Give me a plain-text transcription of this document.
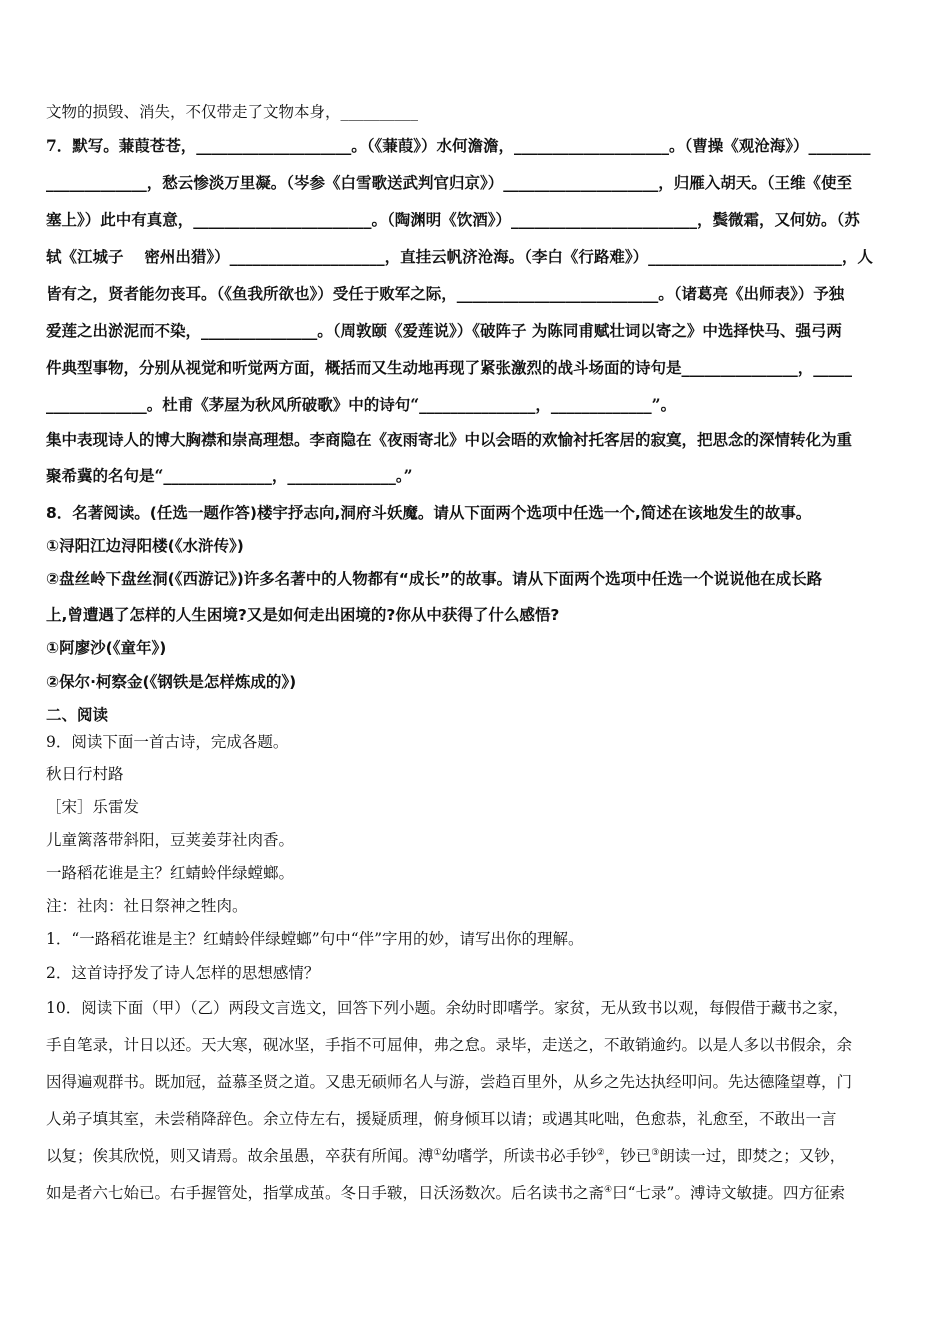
文物的损毁、消失，不仅带走了文物本身，__________
7．默写。蒹葭苍苍，____________________。（《蒹葭》）水何澹澹，____________________。（曹操《观沧海》）________
_____________，愁云惨淡万里凝。（岑参《白雪歌送武判官归京》）____________________，归雁入胡天。（王维《使至
塞上》）此中有真意，_______________________。（陶渊明《饮酒》）________________________，鬓微霜，又何妨。（苏
轼《江城子　 密州出猎》）____________________，直挂云帆济沧海。（李白《行路难》）_________________________，人
皆有之，贤者能勿丧耳。（《鱼我所欲也》）受任于败军之际，__________________________。（诸葛亮《出师表》）予独
爱莲之出淤泥而不染，_______________。（周敦颐《爱莲说》）《破阵子 为陈同甫赋壮词以寄之》中选择快马、强弓两
件典型事物，分别从视觉和听觉两方面，概括而又生动地再现了紧张激烈的战斗场面的诗句是_______________，_____
_____________。杜甫《茅屋为秋风所破歌》中的诗句“_______________，_____________”。
集中表现诗人的博大胸襟和崇高理想。李商隐在《夜雨寄北》中以会晤的欢愉衬托客居的寂寞，把思念的深情转化为重
聚希冀的名句是“______________，______________。”
8．名著阅读。(任选一题作答)楼宇抒志向,洞府斗妖魔。请从下面两个选项中任选一个,简述在该地发生的故事。
①浔阳江边浔阳楼(《水浒传》)
②盘丝岭下盘丝洞(《西游记》)许多名著中的人物都有“成长”的故事。请从下面两个选项中任选一个说说他在成长路
上,曾遭遇了怎样的人生困境?又是如何走出困境的?你从中获得了什么感悟?
①阿廖沙(《童年》)
②保尔·柯察金(《钢铁是怎样炼成的》)
二、阅读
9．阅读下面一首古诗，完成各题。
秋日行村路
［宋］乐雷发
儿童篱落带斜阳，豆荚姜芽社肉香。
一路稻花谁是主？红蜻蛉伴绿螳螂。
注：社肉：社日祭神之牲肉。
1．“一路稻花谁是主？红蜻蛉伴绿螳螂”句中“伴”字用的妙，请写出你的理解。
2．这首诗抒发了诗人怎样的思想感情？
10．阅读下面（甲）（乙）两段文言选文，回答下列小题。余幼时即嗜学。家贫，无从致书以观，每假借于藏书之家，
手自笔录，计日以还。天大寒，砚冰坚，手指不可屈伸，弗之怠。录毕，走送之，不敢销逾约。以是人多以书假余，余
因得遍观群书。既加冠，益慕圣贤之道。又患无硕师名人与游，尝趋百里外，从乡之先达执经叩问。先达德隆望尊，门
人弟子填其室，未尝稍降辞色。余立侍左右，援疑质理，俯身倾耳以请；或遇其叱咄，色愈恭，礼愈至，不敢出一言
以复；俟其欣悦，则又请焉。故余虽愚，卒获有所闻。溥①幼嗜学，所读书必手钞②，钞已③朗读一过，即焚之；又钞，
如是者六七始已。右手握管处，指掌成茧。冬日手皲，日沃汤数次。后名读书之斋④曰“七录”。溥诗文敏捷。四方征索
